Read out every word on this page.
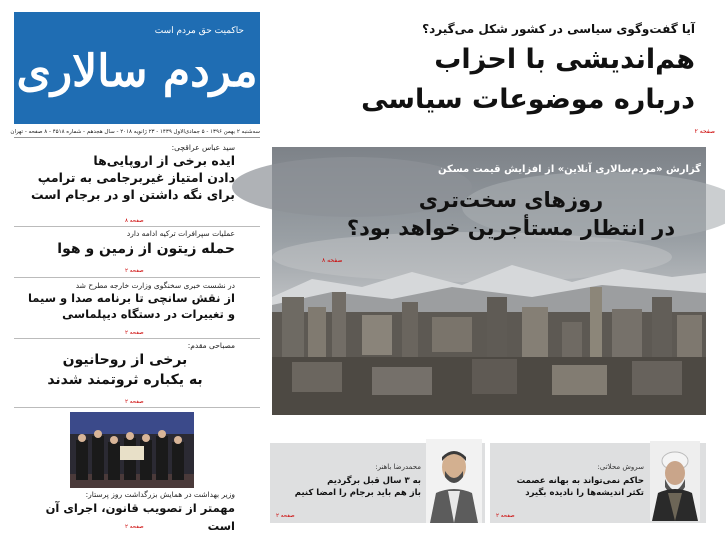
حاکمیت حق مردم است
مردم سالاری
سه‌شنبه ۲ بهمن ۱۳۹۶ - ۵ جمادی‌الاول ۱۴۳۹ - ۲۳ ژانویه ۲۰۱۸ - سال هجدهم - شماره ۴۵۱۸ - ۸ صفحه - تهران
آیا گفت‌وگوی سیاسی در کشور شکل می‌گیرد؟
هم‌اندیشی با احزاب
درباره موضوعات سیاسی
صفحه ۲
گزارش «مردم‌سالاری آنلاین» از افزایش قیمت مسکن
روزهای سخت‌تری
در انتظار مستأجرین خواهد بود؟
صفحه ۸
سروش محلاتی:
حاکم نمی‌تواند به بهانه عصمت
تکثر اندیشه‌ها را نادیده بگیرد
صفحه ۲
محمدرضا باهنر:
به ۳ سال قبل برگردیم
باز هم باید برجام را امضا کنیم
صفحه ۲
سید عباس عراقچی:
ایده برخی از اروپایی‌ها
دادن امتیاز غیربرجامی به ترامپ
برای نگه داشتن او در برجام است
صفحه ۸
عملیات سپرافرات ترکیه ادامه دارد
حمله زیتون از زمین و هوا
صفحه ۲
در نشست خبری سخنگوی وزارت خارجه مطرح شد
از نقش سانچی تا برنامه صدا و سیما
و تغییرات در دستگاه دیپلماسی
صفحه ۲
مصباحی مقدم:
برخی از روحانیون
به یکباره ثروتمند شدند
صفحه ۲
وزیر بهداشت در همایش بزرگداشت روز پرستار:
مهمتر از تصویب قانون، اجرای آن است
صفحه ۲
